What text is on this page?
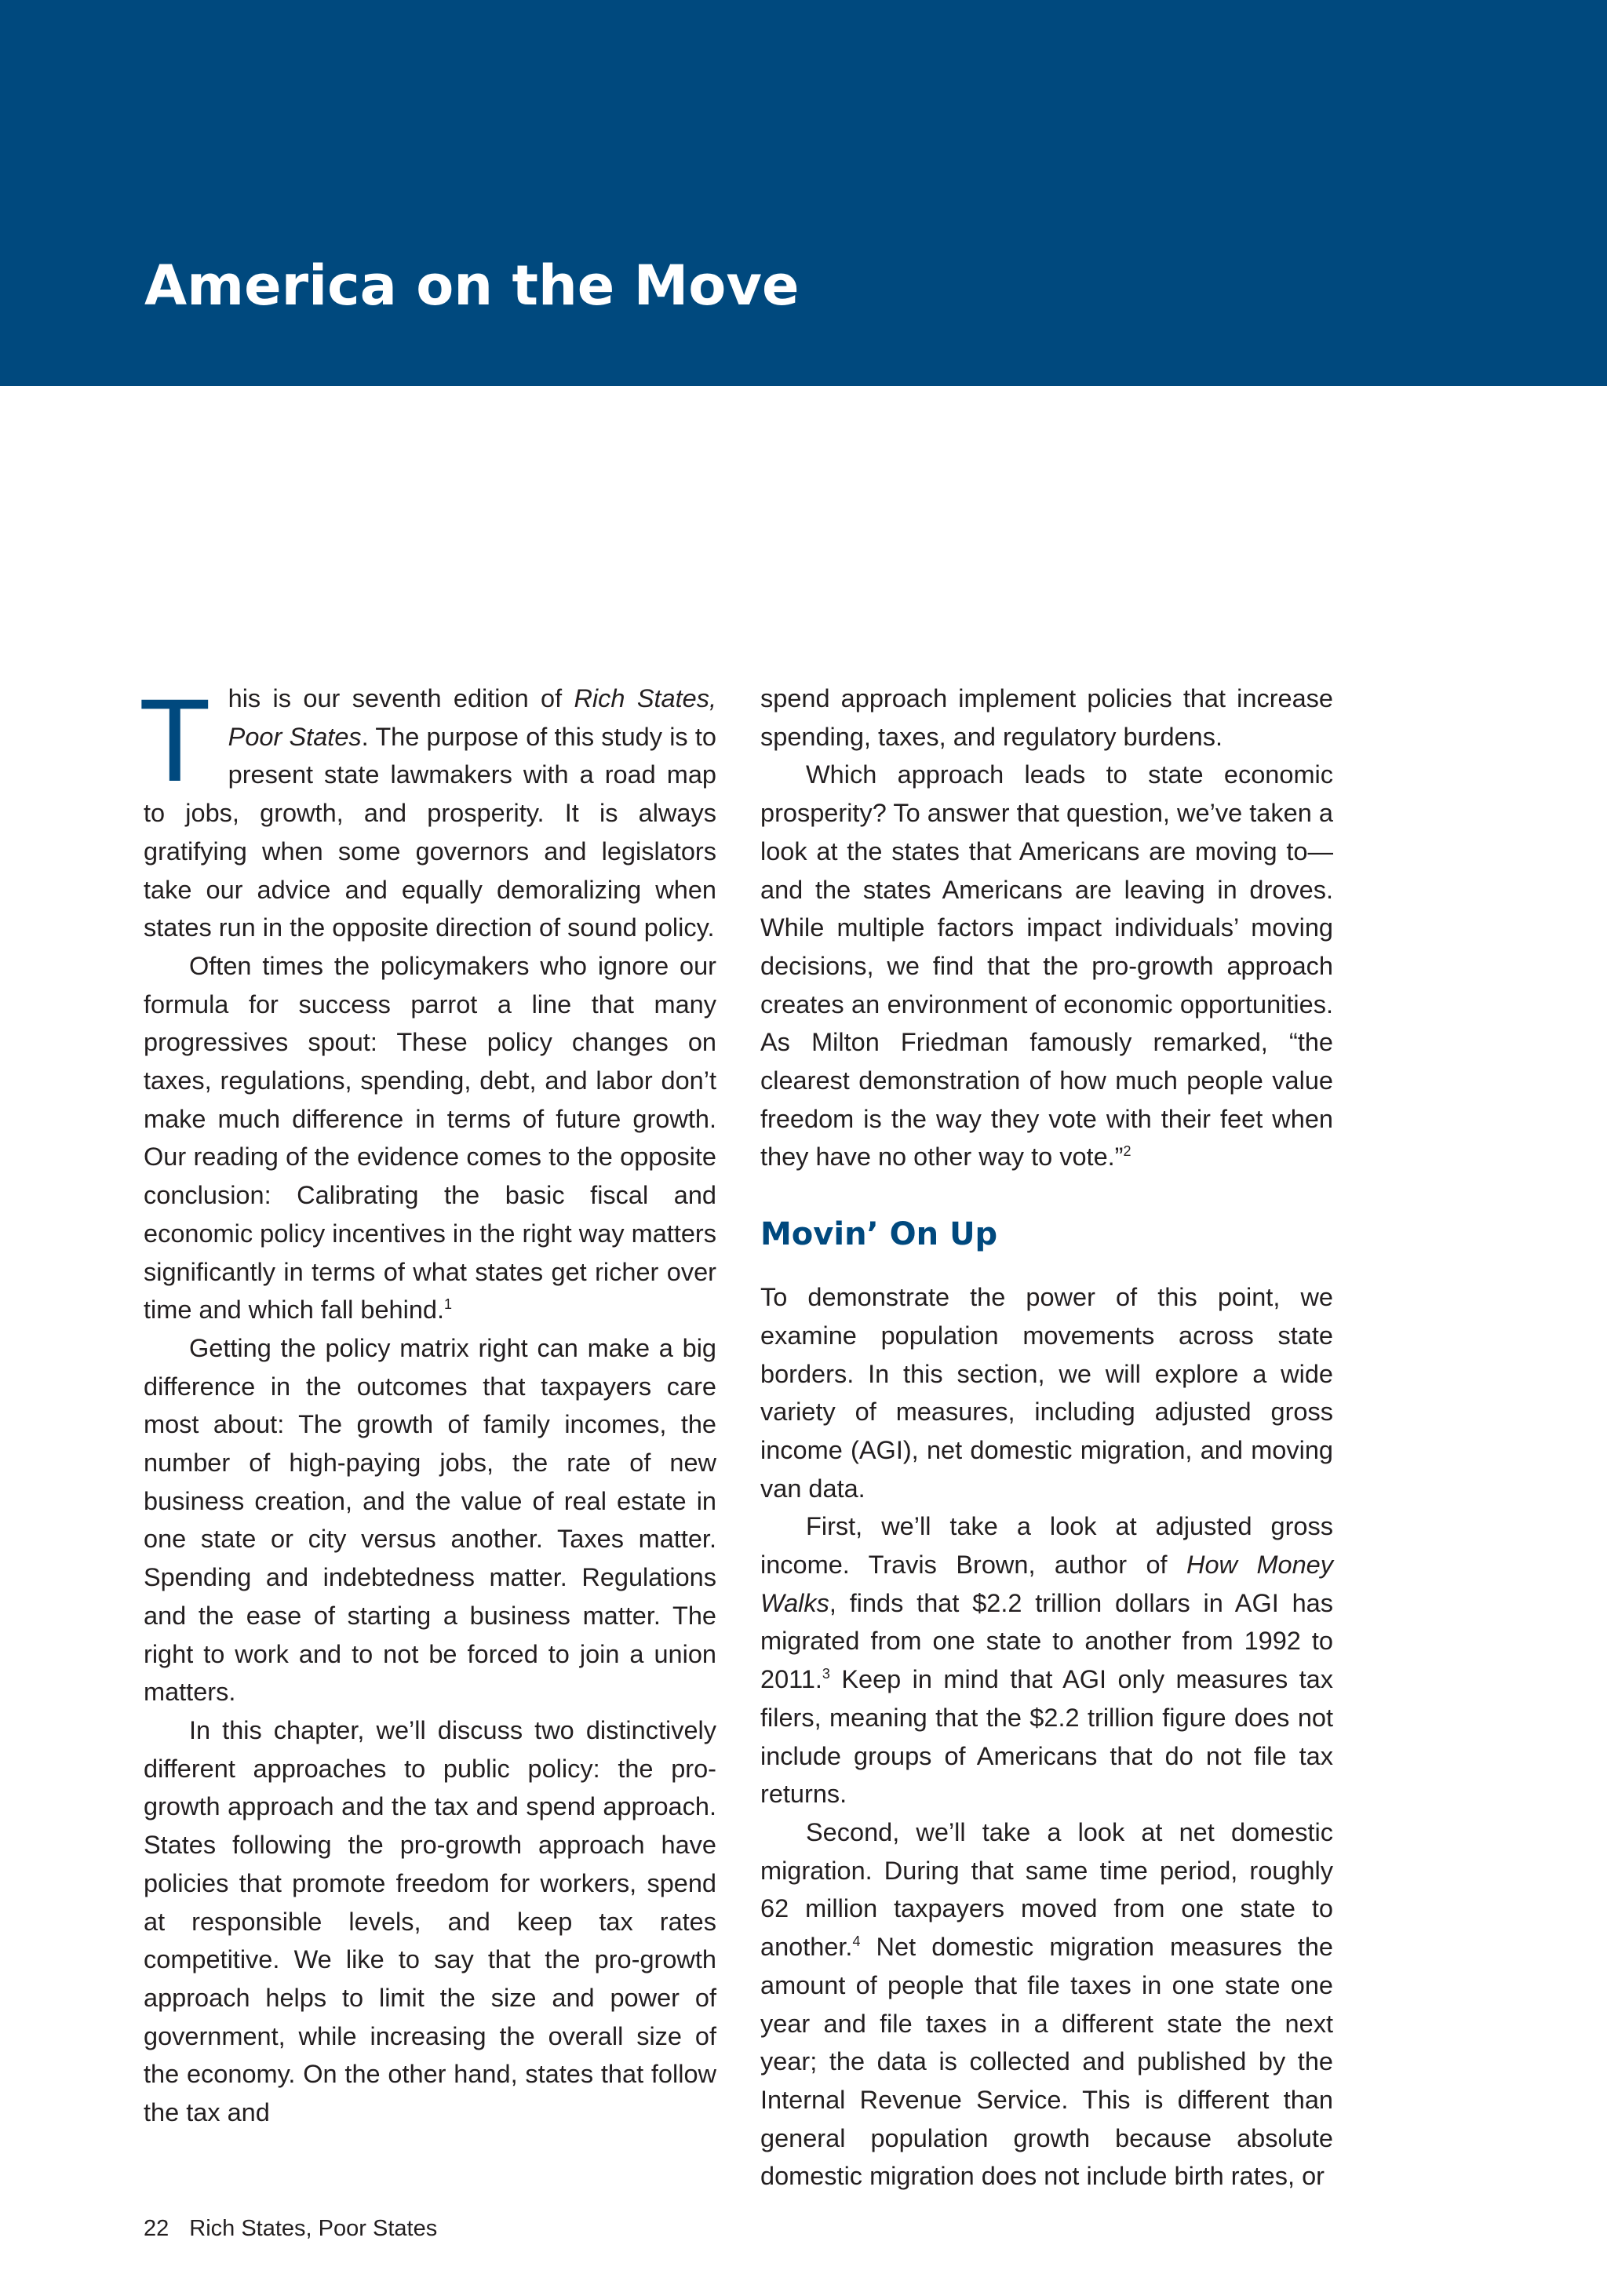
America on the Move

This is our seventh edition of Rich States, Poor States. The purpose of this study is to present state lawmakers with a road map to jobs, growth, and prosperity. It is always gratifying when some governors and legislators take our advice and equally demoralizing when states run in the opposite direction of sound policy.

Often times the policymakers who ignore our formula for success parrot a line that many progressives spout: These policy changes on taxes, regulations, spending, debt, and labor don’t make much difference in terms of future growth. Our reading of the evidence comes to the opposite conclusion: Calibrating the basic fiscal and economic policy incentives in the right way matters significantly in terms of what states get richer over time and which fall behind.$^1$

Getting the policy matrix right can make a big difference in the outcomes that taxpayers care most about: The growth of family incomes, the number of high-paying jobs, the rate of new business creation, and the value of real estate in one state or city versus another. Taxes matter. Spending and indebtedness matter. Regulations and the ease of starting a business matter. The right to work and to not be forced to join a union matters.

In this chapter, we’ll discuss two distinctively different approaches to public policy: the pro-growth approach and the tax and spend approach. States following the pro-growth approach have policies that promote freedom for workers, spend at responsible levels, and keep tax rates competitive. We like to say that the pro-growth approach helps to limit the size and power of government, while increasing the overall size of the economy. On the other hand, states that follow the tax and

spend approach implement policies that increase spending, taxes, and regulatory burdens.

Which approach leads to state economic prosperity? To answer that question, we’ve taken a look at the states that Americans are moving to—and the states Americans are leaving in droves. While multiple factors impact individuals’ moving decisions, we find that the pro-growth approach creates an environment of economic opportunities. As Milton Friedman famously remarked, “the clearest demonstration of how much people value freedom is the way they vote with their feet when they have no other way to vote.”$^2$

Movin’ On Up

To demonstrate the power of this point, we examine population movements across state borders. In this section, we will explore a wide variety of measures, including adjusted gross income (AGI), net domestic migration, and moving van data.

First, we’ll take a look at adjusted gross income. Travis Brown, author of How Money Walks, finds that $2.2 trillion dollars in AGI has migrated from one state to another from 1992 to 2011.$^3$ Keep in mind that AGI only measures tax filers, meaning that the $2.2 trillion figure does not include groups of Americans that do not file tax returns.

Second, we’ll take a look at net domestic migration. During that same time period, roughly 62 million taxpayers moved from one state to another.$^4$ Net domestic migration measures the amount of people that file taxes in one state one year and file taxes in a different state the next year; the data is collected and published by the Internal Revenue Service. This is different than general population growth because absolute domestic migration does not include birth rates, or

22 Rich States, Poor States
